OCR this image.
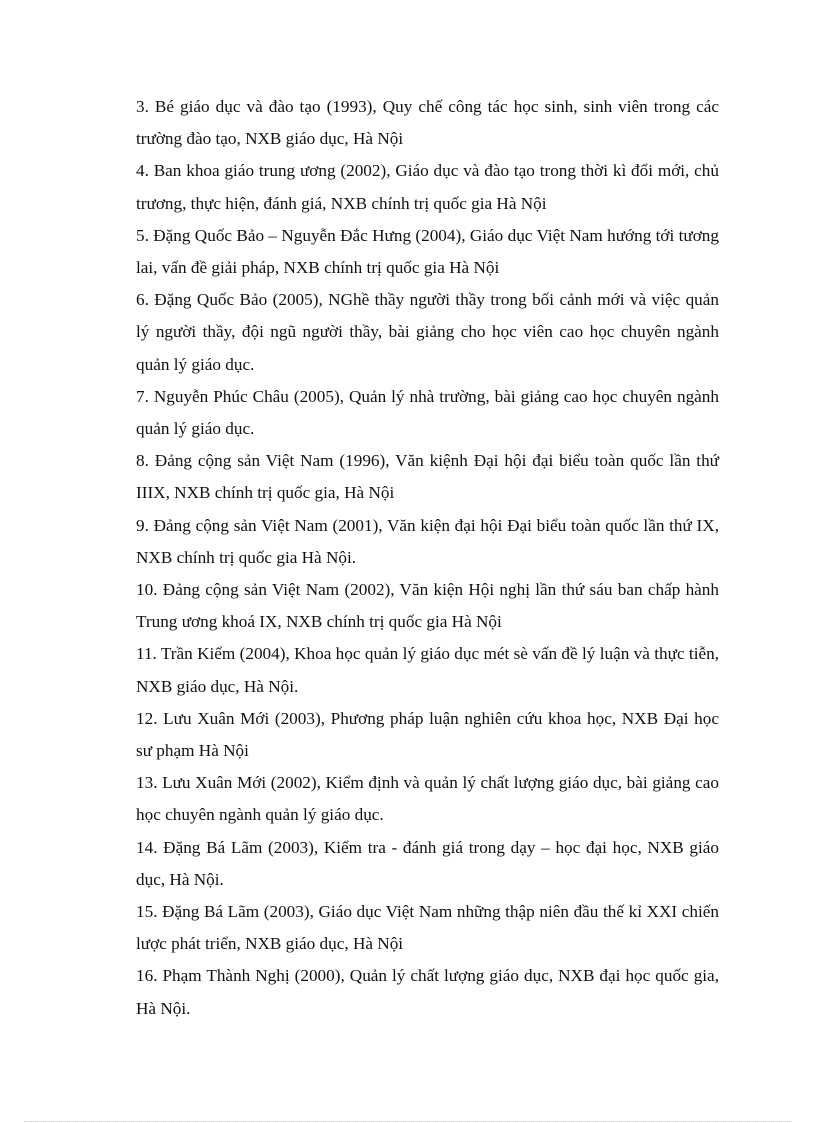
3. Bé giáo dục và đào tạo (1993), Quy chế công tác học sinh, sinh viên trong các trường đào tạo, NXB giáo dục, Hà Nội

4. Ban khoa giáo trung ương (2002), Giáo dục và đào tạo trong thời kì đổi mới, chủ trương, thực hiện, đánh giá, NXB chính trị quốc gia Hà Nội

5. Đặng Quốc Bảo – Nguyễn Đắc Hưng (2004), Giáo dục Việt Nam hướng tới tương lai, vấn đề giải pháp, NXB chính trị quốc gia Hà Nội

6. Đặng Quốc Bảo (2005), NGhề thầy người thầy trong bối cảnh mới và việc quản lý người thầy, đội ngũ người thầy, bài giảng cho học viên cao học chuyên ngành quản lý giáo dục.

7. Nguyễn Phúc Châu (2005), Quản lý nhà trường, bài giảng cao học chuyên ngành quản lý giáo dục.

8. Đảng cộng sản Việt Nam (1996), Văn kiệnh Đại hội đại biểu toàn quốc lần thứ IIIX, NXB chính trị quốc gia, Hà Nội

9. Đảng cộng sản Việt Nam (2001), Văn kiện đại hội Đại biểu toàn quốc lần thứ IX, NXB chính trị quốc gia Hà Nội.

10. Đảng cộng sản Việt Nam (2002), Văn kiện Hội nghị lần thứ sáu ban chấp hành Trung ương khoá IX, NXB chính trị quốc gia Hà Nội

11. Trần Kiểm (2004), Khoa học quản lý giáo dục mét sè vấn đề lý luận và thực tiễn, NXB giáo dục, Hà Nội.

12. Lưu Xuân Mới (2003), Phương pháp luận nghiên cứu khoa học, NXB Đại học sư phạm Hà Nội

13. Lưu Xuân Mới (2002), Kiểm định và quản lý chất lượng giáo dục, bài giảng cao học chuyên ngành quản lý giáo dục.

14. Đặng Bá Lãm (2003), Kiểm tra - đánh giá trong dạy – học đại học, NXB giáo dục, Hà Nội.

15. Đặng Bá Lãm (2003), Giáo dục Việt Nam những thập niên đầu thế kỉ XXI chiến lược phát triển, NXB giáo dục, Hà Nội

16. Phạm Thành Nghị (2000), Quản lý chất lượng giáo dục, NXB đại học quốc gia, Hà Nội.
